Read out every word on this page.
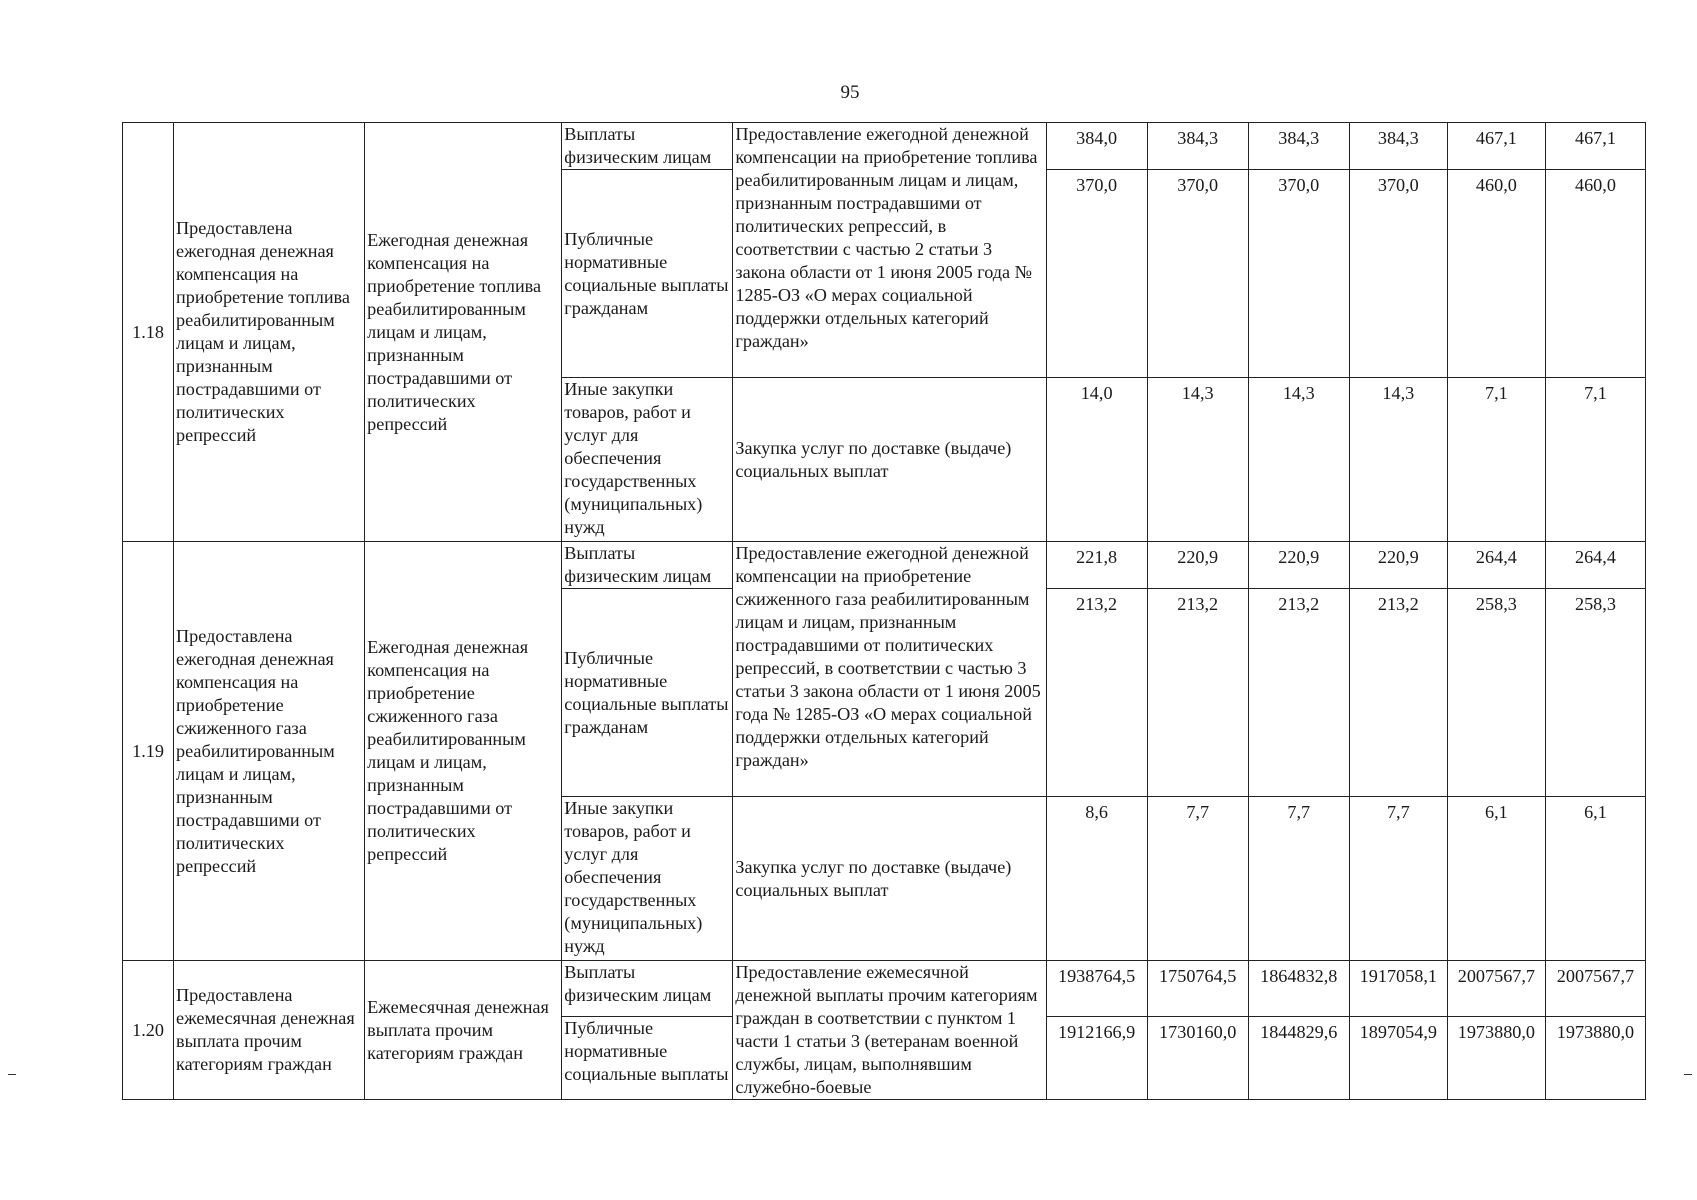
95
1.18	Предоставлена ежегодная денежная компенсация на приобретение топлива реабилитированным лицам и лицам, признанным пострадавшими от политических репрессий	Ежегодная денежная компенсация на приобретение топлива реабилитированным лицам и лицам, признанным пострадавшими от политических репрессий	Выплаты физическим лицам	Предоставление ежегодной денежной компенсации на приобретение топлива реабилитированным лицам и лицам, признанным пострадавшими от политических репрессий, в соответствии с частью 2 статьи 3 закона области от 1 июня 2005 года № 1285-ОЗ «О мерах социальной поддержки отдельных категорий граждан»	384,0	384,3	384,3	384,3	467,1	467,1
			Публичные нормативные социальные выплаты гражданам		370,0	370,0	370,0	370,0	460,0	460,0
			Иные закупки товаров, работ и услуг для обеспечения государственных (муниципальных) нужд	Закупка услуг по доставке (выдаче) социальных выплат	14,0	14,3	14,3	14,3	7,1	7,1
1.19	Предоставлена ежегодная денежная компенсация на приобретение сжиженного газа реабилитированным лицам и лицам, признанным пострадавшими от политических репрессий	Ежегодная денежная компенсация на приобретение сжиженного газа реабилитированным лицам и лицам, признанным пострадавшими от политических репрессий	Выплаты физическим лицам	Предоставление ежегодной денежной компенсации на приобретение сжиженного газа реабилитированным лицам и лицам, признанным пострадавшими от политических репрессий, в соответствии с частью 3 статьи 3 закона области от 1 июня 2005 года № 1285-ОЗ «О мерах социальной поддержки отдельных категорий граждан»	221,8	220,9	220,9	220,9	264,4	264,4
			Публичные нормативные социальные выплаты гражданам		213,2	213,2	213,2	213,2	258,3	258,3
			Иные закупки товаров, работ и услуг для обеспечения государственных (муниципальных) нужд	Закупка услуг по доставке (выдаче) социальных выплат	8,6	7,7	7,7	7,7	6,1	6,1
1.20	Предоставлена ежемесячная денежная выплата прочим категориям граждан	Ежемесячная денежная выплата прочим категориям граждан	Выплаты физическим лицам	Предоставление ежемесячной денежной выплаты прочим категориям граждан в соответствии с пунктом 1 части 1 статьи 3 (ветеранам военной службы, лицам, выполнявшим служебно-боевые	1938764,5	1750764,5	1864832,8	1917058,1	2007567,7	2007567,7
			Публичные нормативные социальные выплаты		1912166,9	1730160,0	1844829,6	1897054,9	1973880,0	1973880,0
